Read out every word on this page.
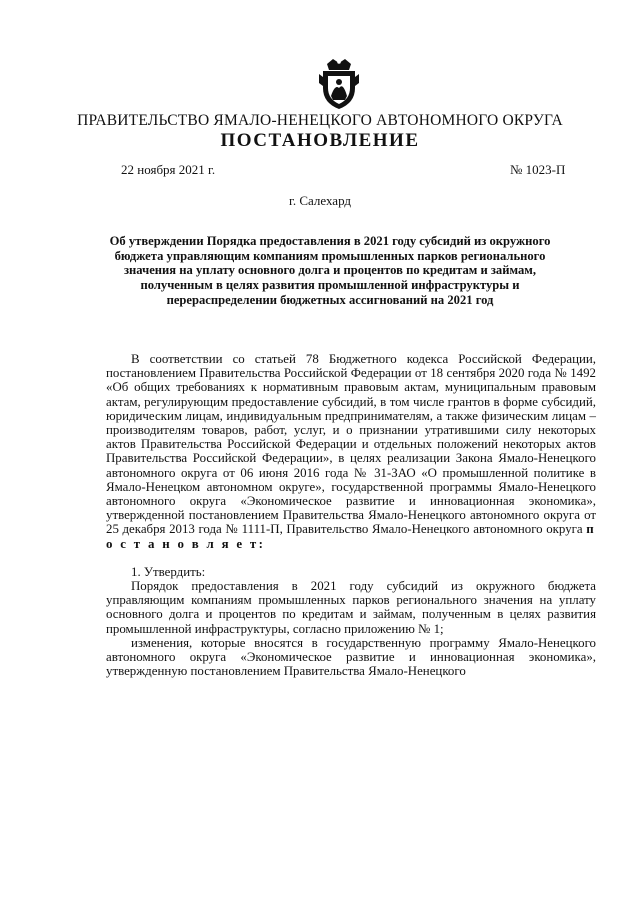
ПРАВИТЕЛЬСТВО ЯМАЛО-НЕНЕЦКОГО АВТОНОМНОГО ОКРУГА
ПОСТАНОВЛЕНИЕ
22 ноября 2021 г.	№ 1023-П
г. Салехард
Об утверждении Порядка предоставления в 2021 году субсидий из окружного бюджета управляющим компаниям промышленных парков регионального значения на уплату основного долга и процентов по кредитам и займам, полученным в целях развития промышленной инфраструктуры и перераспределении бюджетных ассигнований на 2021 год

В соответствии со статьей 78 Бюджетного кодекса Российской Федерации, постановлением Правительства Российской Федерации от 18 сентября 2020 года № 1492 «Об общих требованиях к нормативным правовым актам, муниципальным правовым актам, регулирующим предоставление субсидий, в том числе грантов в форме субсидий, юридическим лицам, индивидуальным предпринимателям, а также физическим лицам – производителям товаров, работ, услуг, и о признании утратившими силу некоторых актов Правительства Российской Федерации и отдельных положений некоторых актов Правительства Российской Федерации», в целях реализации Закона Ямало-Ненецкого автономного округа от 06 июня 2016 года № 31-ЗАО «О промышленной политике в Ямало-Ненецком автономном округе», государственной программы Ямало-Ненецкого автономного округа «Экономическое развитие и инновационная экономика», утвержденной постановлением Правительства Ямало-Ненецкого автономного округа от 25 декабря 2013 года № 1111-П, Правительство Ямало-Ненецкого автономного округа п о с т а н о в л я е т:

1. Утвердить:

Порядок предоставления в 2021 году субсидий из окружного бюджета управляющим компаниям промышленных парков регионального значения на уплату основного долга и процентов по кредитам и займам, полученным в целях развития промышленной инфраструктуры, согласно приложению № 1;

изменения, которые вносятся в государственную программу Ямало-Ненецкого автономного округа «Экономическое развитие и инновационная экономика», утвержденную постановлением Правительства Ямало-Ненецкого
